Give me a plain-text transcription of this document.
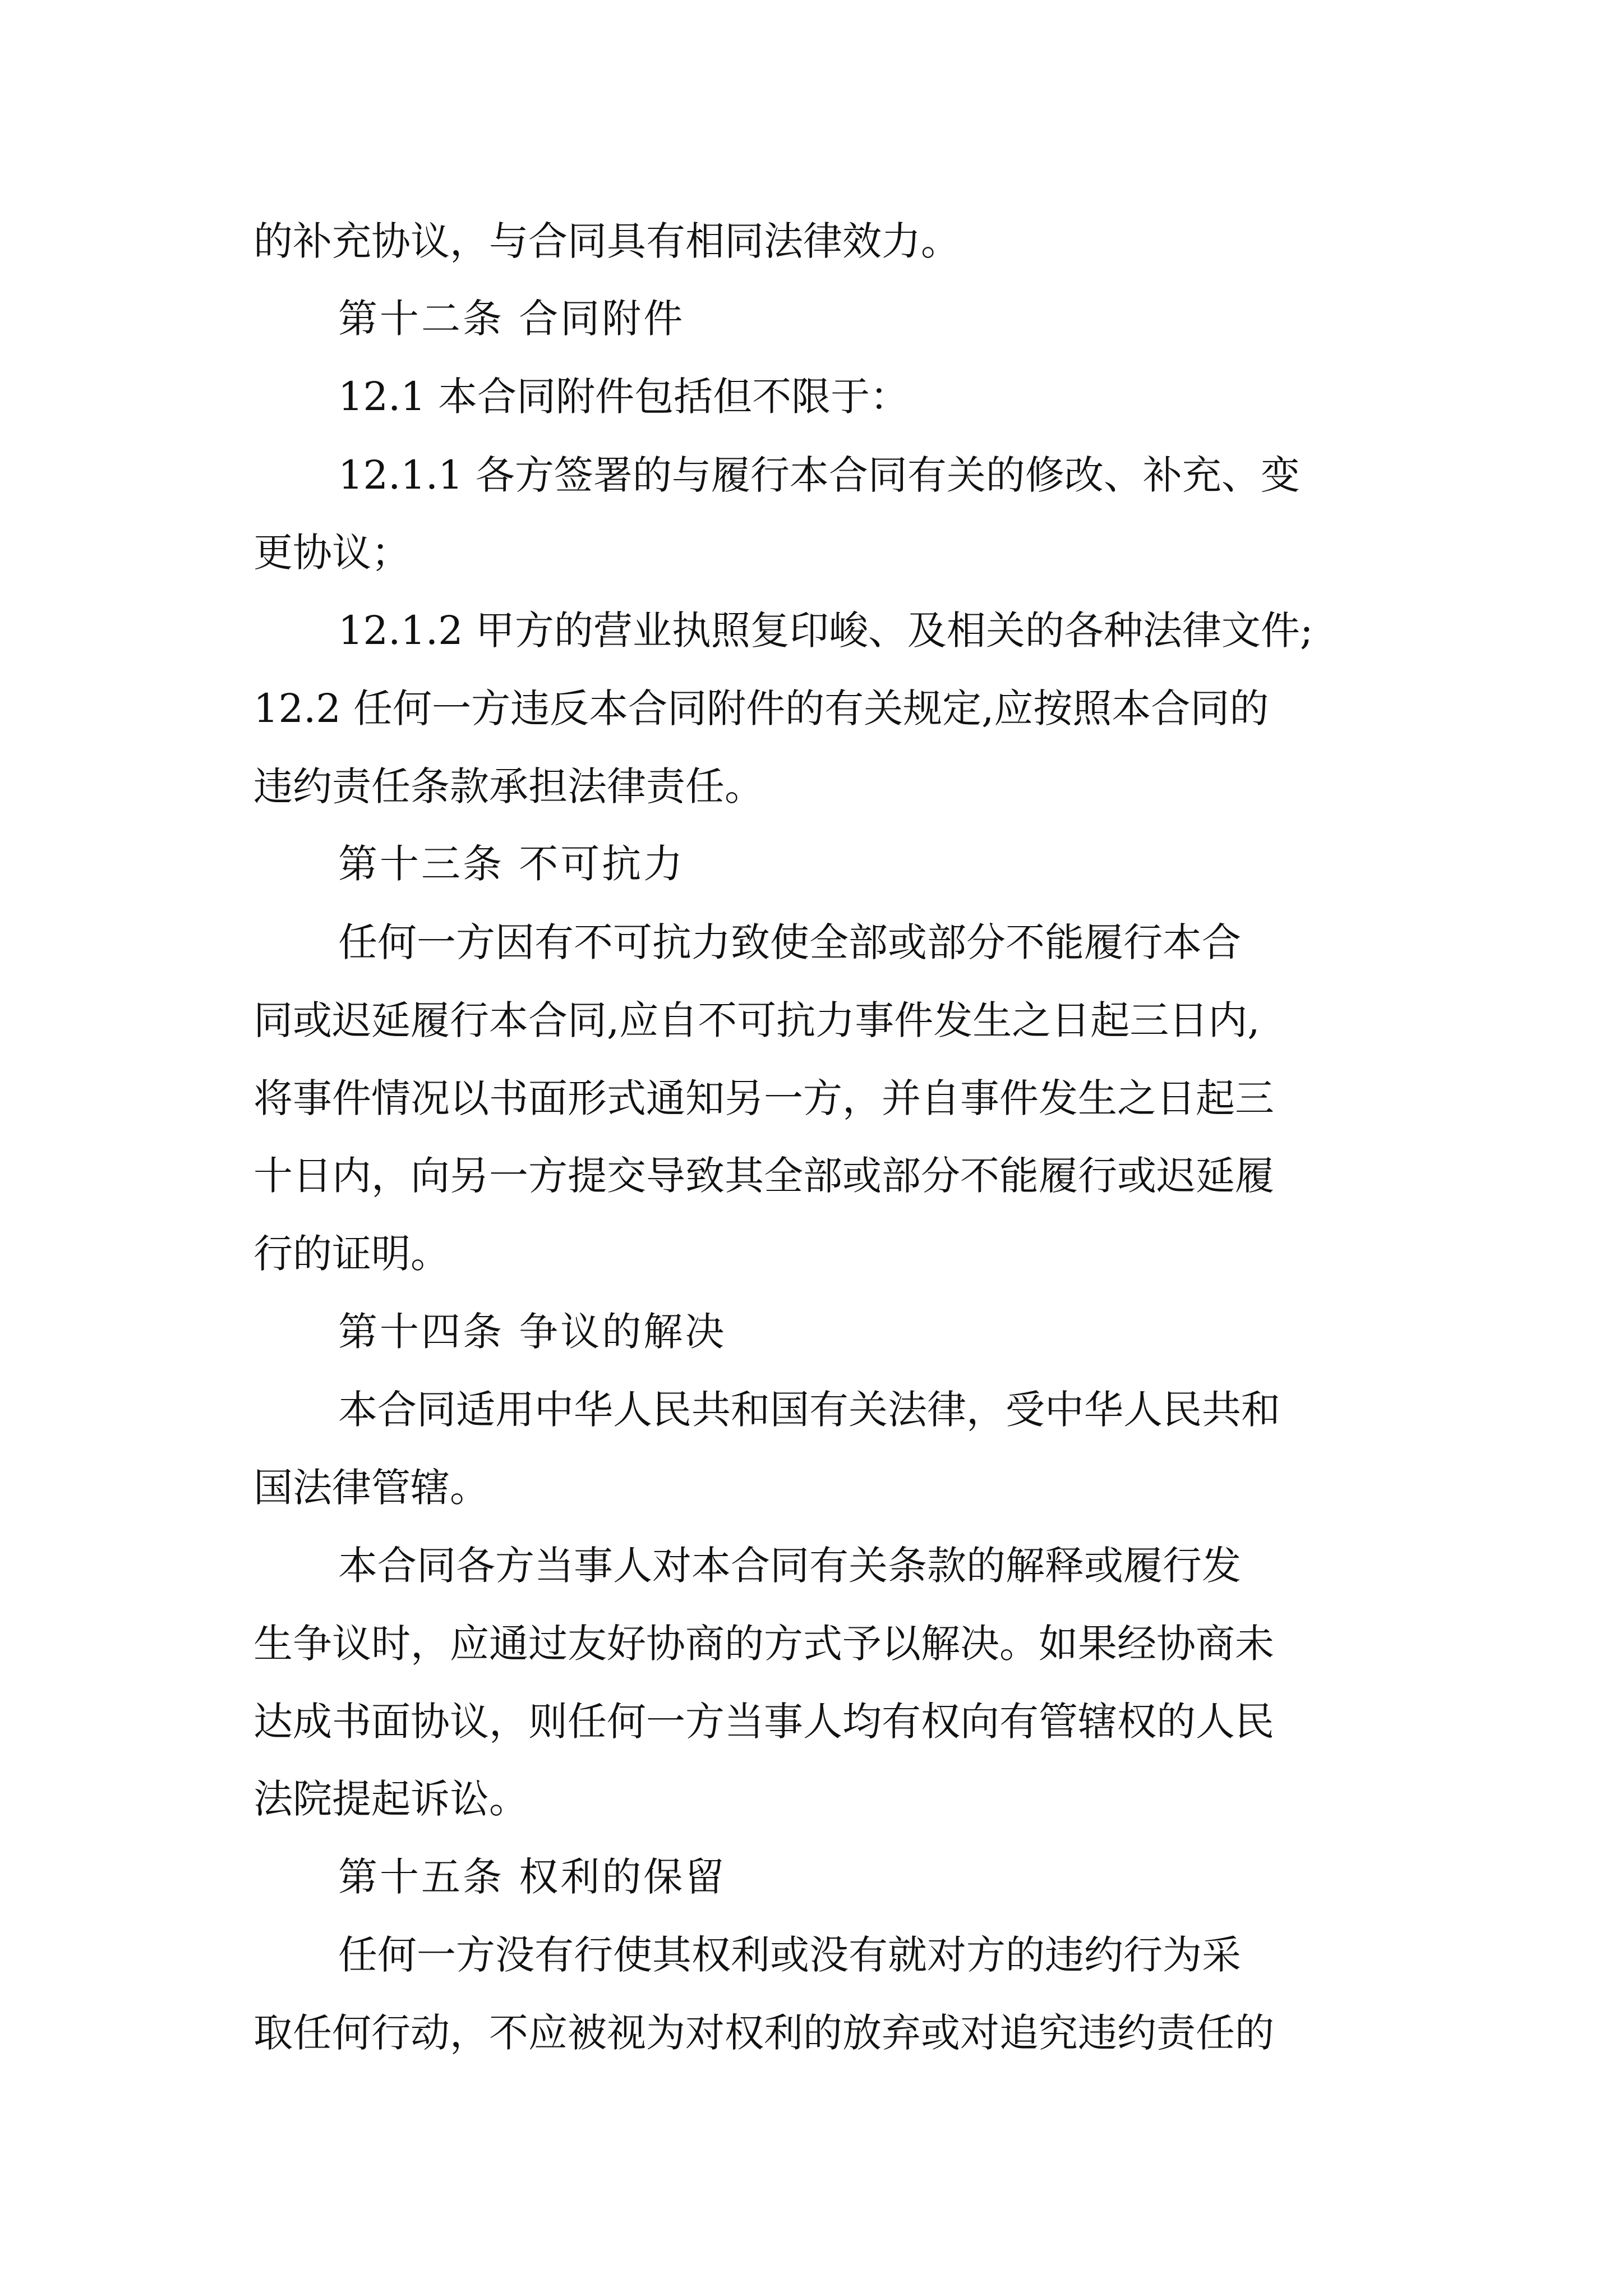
的补充协议，与合同具有相同法律效力。
第十二条 合同附件
12.1 本合同附件包括但不限于：
12.1.1 各方签署的与履行本合同有关的修改、补充、变
更协议；
12.1.2 甲方的营业执照复印峻、及相关的各种法律文件;
12.2 任何一方违反本合同附件的有关规定,应按照本合同的
违约责任条款承担法律责任。
第十三条 不可抗力
任何一方因有不可抗力致使全部或部分不能履行本合
同或迟延履行本合同,应自不可抗力事件发生之日起三日内,
将事件情况以书面形式通知另一方，并自事件发生之日起三
十日内，向另一方提交导致其全部或部分不能履行或迟延履
行的证明。
第十四条 争议的解决
本合同适用中华人民共和国有关法律，受中华人民共和
国法律管辖。
本合同各方当事人对本合同有关条款的解释或履行发
生争议时，应通过友好协商的方式予以解决。如果经协商未
达成书面协议，则任何一方当事人均有权向有管辖权的人民
法院提起诉讼。
第十五条 权利的保留
任何一方没有行使其权利或没有就对方的违约行为采
取任何行动，不应被视为对权利的放弃或对追究违约责任的
